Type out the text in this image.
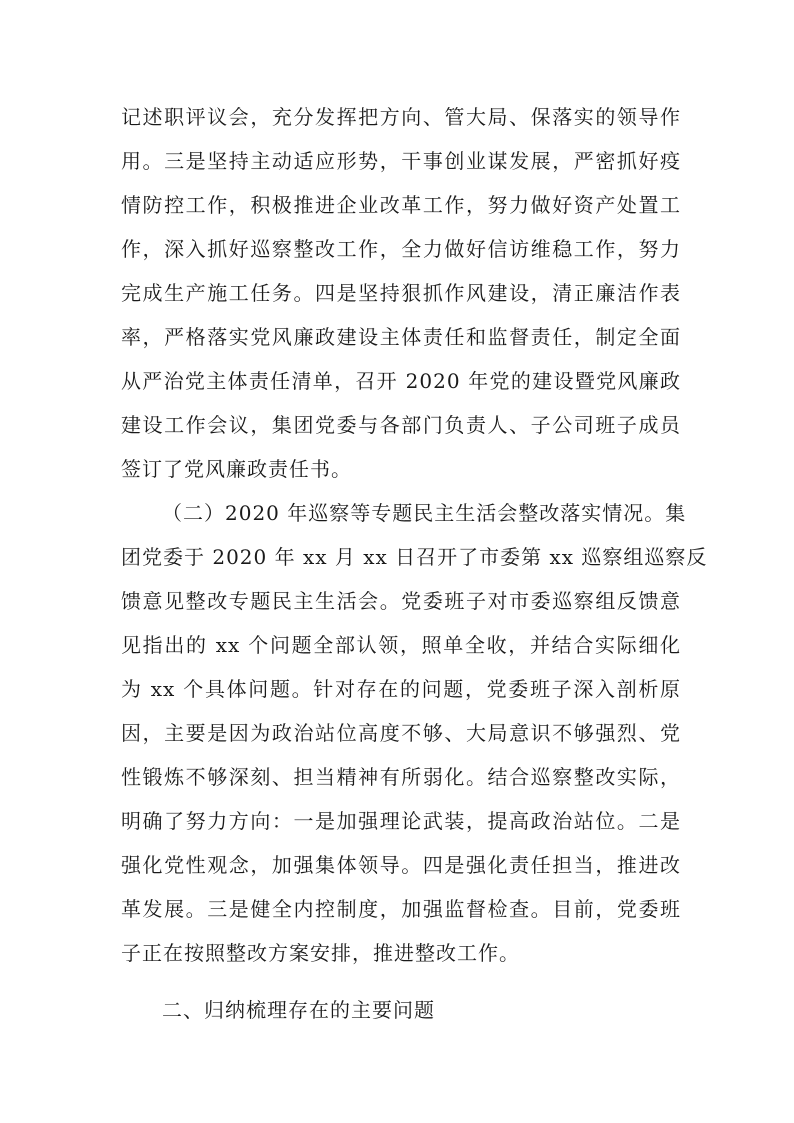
记述职评议会，充分发挥把方向、管大局、保落实的领导作
用。三是坚持主动适应形势，干事创业谋发展，严密抓好疫
情防控工作，积极推进企业改革工作，努力做好资产处置工
作，深入抓好巡察整改工作，全力做好信访维稳工作，努力
完成生产施工任务。四是坚持狠抓作风建设，清正廉洁作表
率，严格落实党风廉政建设主体责任和监督责任，制定全面
从严治党主体责任清单，召开 2020 年党的建设暨党风廉政
建设工作会议，集团党委与各部门负责人、子公司班子成员
签订了党风廉政责任书。
（二）2020 年巡察等专题民主生活会整改落实情况。集
团党委于 2020 年 xx 月 xx 日召开了市委第 xx 巡察组巡察反
馈意见整改专题民主生活会。党委班子对市委巡察组反馈意
见指出的 xx 个问题全部认领，照单全收，并结合实际细化
为 xx 个具体问题。针对存在的问题，党委班子深入剖析原
因，主要是因为政治站位高度不够、大局意识不够强烈、党
性锻炼不够深刻、担当精神有所弱化。结合巡察整改实际，
明确了努力方向：一是加强理论武装，提高政治站位。二是
强化党性观念，加强集体领导。四是强化责任担当，推进改
革发展。三是健全内控制度，加强监督检查。目前，党委班
子正在按照整改方案安排，推进整改工作。
二、归纳梳理存在的主要问题
